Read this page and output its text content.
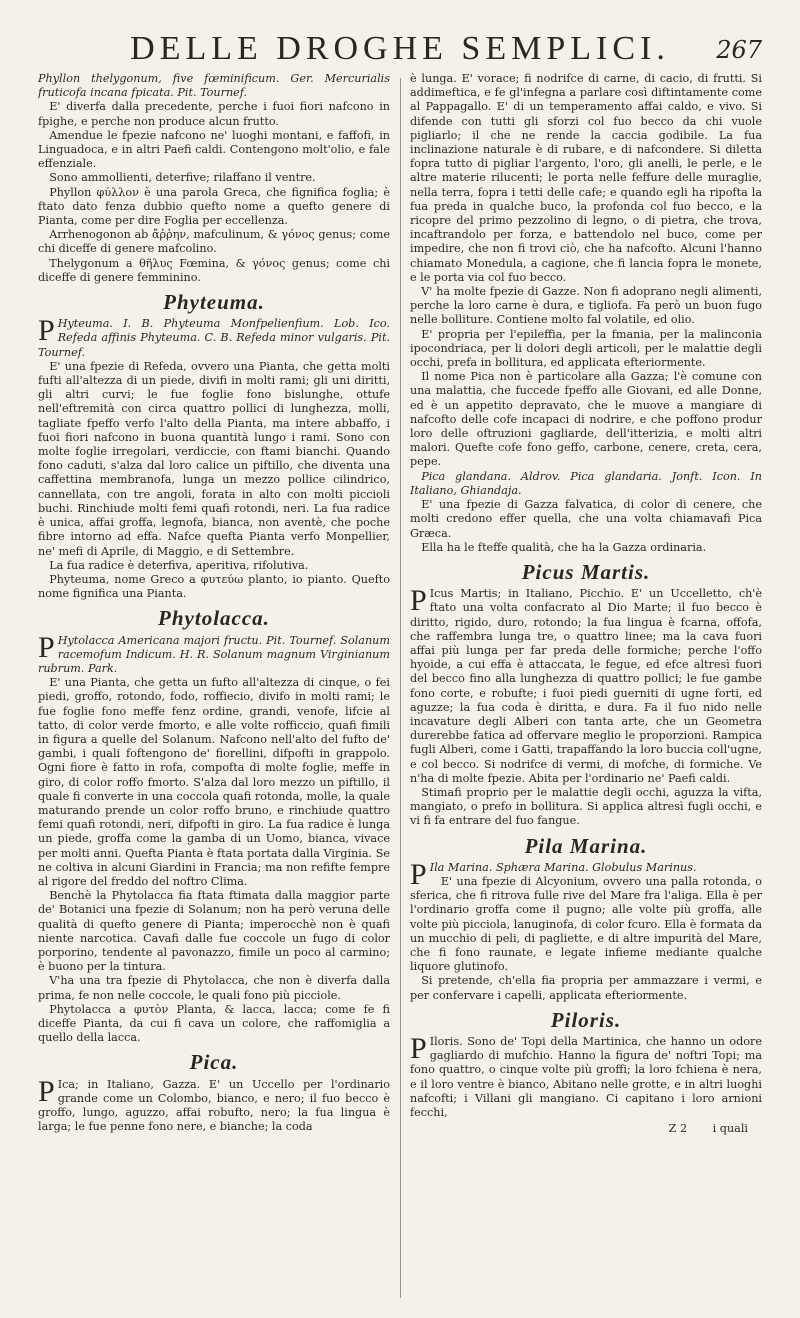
DELLE DROGHE SEMPLICI. 267

Phyllon thelygonum, five fœminificum. Ger. Mercurialis fruticofa incana fpicata. Pit. Tournef.

E' diverfa dalla precedente, perche i fuoi fiori nafcono in fpighe, e perche non produce alcun frutto.

Amendue le fpezie nafcono ne' luoghi montani, e faffofi, in Linguadoca, e in altri Paefi caldi. Contengono molt'olio, e fale effenziale.

Sono ammollienti, deterfive; rilaffano il ventre.

Phyllon φύλλον è una parola Greca, che fignifica foglia; è ftato dato fenza dubbio quefto nome a quefto genere di Pianta, come per dire Foglia per eccellenza.

Arrhenogonon ab ἄῤῥην, mafculinum, & γόνος genus; come chi diceffe di genere mafcolino.

Thelygonum a θῆλυς Fœmina, & γόνος genus; come chi diceffe di genere femminino.

Phyteuma.

P Hyteuma. I. B. Phyteuma Monfpelienfium. Lob. Ico. Refeda affinis Phyteuma. C. B. Refeda minor vulgaris. Pit. Tournef.

E' una fpezie di Refeda, ovvero una Pianta, che getta molti fufti all'altezza di un piede, divifi in molti rami; gli uni diritti, gli altri curvi; le fue foglie fono bislunghe, ottufe nell'eftremità con circa quattro pollici di lunghezza, molli, tagliate fpeffo verfo l'alto della Pianta, ma intere abbaffo, i fuoi fiori nafcono in buona quantità lungo i rami. Sono con molte foglie irregolari, verdiccie, con ftami bianchi. Quando fono caduti, s'alza dal loro calice un piftillo, che diventa una caffettina membranofa, lunga un mezzo pollice cilindrico, cannellata, con tre angoli, forata in alto con molti piccioli buchi. Rinchiude molti femi quafi rotondi, neri. La fua radice è unica, affai groffa, legnofa, bianca, non aventè, che poche fibre intorno ad effa. Nafce quefta Pianta verfo Monpellier, ne' mefi di Aprile, di Maggio, e di Settembre.

La fua radice è deterfiva, aperitiva, rifolutiva.

Phyteuma, nome Greco a φυτεύω planto, io pianto. Quefto nome fignifica una Pianta.

Phytolacca.

P Hytolacca Americana majori fructu. Pit. Tournef. Solanum racemofum Indicum. H. R. Solanum magnum Virginianum rubrum. Park.

E' una Pianta, che getta un fufto all'altezza di cinque, o fei piedi, groffo, rotondo, fodo, roffiecio, divifo in molti rami; le fue foglie fono meffe fenz ordine, grandi, venofe, lifcie al tatto, di color verde fmorto, e alle volte rofficcio, quafi fimili in figura a quelle del Solanum. Nafcono nell'alto del fufto de' gambi, i quali foftengono de' fiorellini, difpofti in grappolo. Ogni fiore è fatto in rofa, compofta di molte foglie, meffe in giro, di color roffo fmorto. S'alza dal loro mezzo un piftillo, il quale fi converte in una coccola quafi rotonda, molle, la quale maturando prende un color roffo bruno, e rinchiude quattro femi quafi rotondi, neri, difpofti in giro. La fua radice è lunga un piede, groffa come la gamba di un Uomo, bianca, vivace per molti anni. Quefta Pianta è ftata portata dalla Virginia. Se ne coltiva in alcuni Giardini in Francia; ma non refifte fempre al rigore del freddo del noftro Clima.

Benchè la Phytolacca fia ftata ftimata dalla maggior parte de' Botanici una fpezie di Solanum; non ha però veruna delle qualità di quefto genere di Pianta; imperocchè non è quafi niente narcotica. Cavafi dalle fue coccole un fugo di color porporino, tendente al pavonazzo, fimile un poco al carmino; è buono per la tintura.

V'ha una tra fpezie di Phytolacca, che non è diverfa dalla prima, fe non nelle coccole, le quali fono più picciole.

Phytolacca a φυτὸν Planta, & lacca, lacca; come fe fi diceffe Pianta, da cui fi cava un colore, che raffomiglia a quello della lacca.

Pica.

P Ica; in Italiano, Gazza. E' un Uccello per l'ordinario grande come un Colombo, bianco, e nero; il fuo becco è groffo, lungo, aguzzo, affai robufto, nero; la fua lingua è larga; le fue penne fono nere, e bianche; la coda

è lunga. E' vorace; fi nodrifce di carne, di cacio, di frutti. Si addimeftica, e fe gl'infegna a parlare così diftintamente come al Pappagallo. E' di un temperamento affai caldo, e vivo. Si difende con tutti gli sforzi col fuo becco da chi vuole pigliarlo; il che ne rende la caccia godibile. La fua inclinazione naturale è di rubare, e di nafcondere. Si diletta fopra tutto di pigliar l'argento, l'oro, gli anelli, le perle, e le altre materie rilucenti; le porta nelle feffure delle muraglie, nella terra, fopra i tetti delle cafe; e quando egli ha ripofta la fua preda in qualche buco, la profonda col fuo becco, e la ricopre del primo pezzolino di legno, o di pietra, che trova, incaftrandolo per forza, e battendolo nel buco, come per impedire, che non fi trovi ciò, che ha nafcofto. Alcuni l'hanno chiamato Monedula, a cagione, che fi lancia fopra le monete, e le porta via col fuo becco.

V' ha molte fpezie di Gazze. Non fi adoprano negli alimenti, perche la loro carne è dura, e tigliofa. Fa però un buon fugo nelle bolliture. Contiene molto fal volatile, ed olio.

E' propria per l'epileffia, per la fmania, per la malinconia ipocondriaca, per li dolori degli articoli, per le malattie degli occhi, prefa in bollitura, ed applicata efteriormente.

Il nome Pica non è particolare alla Gazza; l'è comune con una malattia, che fuccede fpeffo alle Giovani, ed alle Donne, ed è un appetito depravato, che le muove a mangiare di nafcofto delle cofe incapaci di nodrire, e che poffono produr loro delle oftruzioni gagliarde, dell'itterizia, e molti altri malori. Quefte cofe fono geffo, carbone, cenere, creta, cera, pepe.

Pica glandana. Aldrov. Pica glandaria. Jonft. Icon. In Italiano, Ghiandaja.

E' una fpezie di Gazza falvatica, di color di cenere, che molti credono effer quella, che una volta chiamavafi Pica Græca.

Ella ha le fteffe qualità, che ha la Gazza ordinaria.

Picus Martis.

P Icus Martis; in Italiano, Picchio. E' un Uccelletto, ch'è ftato una volta confacrato al Dio Marte; il fuo becco è diritto, rigido, duro, rotondo; la fua lingua è fcarna, offofa, che raffembra lunga tre, o quattro linee; ma la cava fuori affai più lunga per far preda delle formiche; perche l'offo hyoide, a cui effa è attaccata, le fegue, ed efce altresì fuori del becco fino alla lunghezza di quattro pollici; le fue gambe fono corte, e robufte; i fuoi piedi guerniti di ugne forti, ed aguzze; la fua coda è diritta, e dura. Fa il fuo nido nelle incavature degli Alberi con tanta arte, che un Geometra durerebbe fatica ad offervare meglio le proporzioni. Rampica fugli Alberi, come i Gatti, trapaffando la loro buccia coll'ugne, e col becco. Si nodrifce di vermi, di mofche, di formiche. Ve n'ha di molte fpezie. Abita per l'ordinario ne' Paefi caldi.

Stimafi proprio per le malattie degli occhi, aguzza la vifta, mangiato, o prefo in bollitura. Si applica altresì fugli occhi, e vi fi fa entrare del fuo fangue.

Pila Marina.

P Ila Marina. Sphæra Marina. Globulus Marinus.

E' una fpezie di Alcyonium, ovvero una palla rotonda, o sferica, che fi ritrova fulle rive del Mare fra l'aliga. Ella è per l'ordinario groffa come il pugno; alle volte più groffa, alle volte più picciola, lanuginofa, di color fcuro. Ella è formata da un mucchio di peli, di pagliette, e di altre impurità del Mare, che fi fono raunate, e legate infieme mediante qualche liquore glutinofo.

Si pretende, ch'ella fia propria per ammazzare i vermi, e per confervare i capelli, applicata efteriormente.

Piloris.

P Iloris. Sono de' Topi della Martinica, che hanno un odore gagliardo di mufchio. Hanno la figura de' noftri Topi; ma fono quattro, o cinque volte più groffi; la loro fchiena è nera, e il loro ventre è bianco, Abitano nelle grotte, e in altri luoghi nafcofti; i Villani gli mangiano. Ci capitano i loro arnioni fecchi,

Z 2 i quali
